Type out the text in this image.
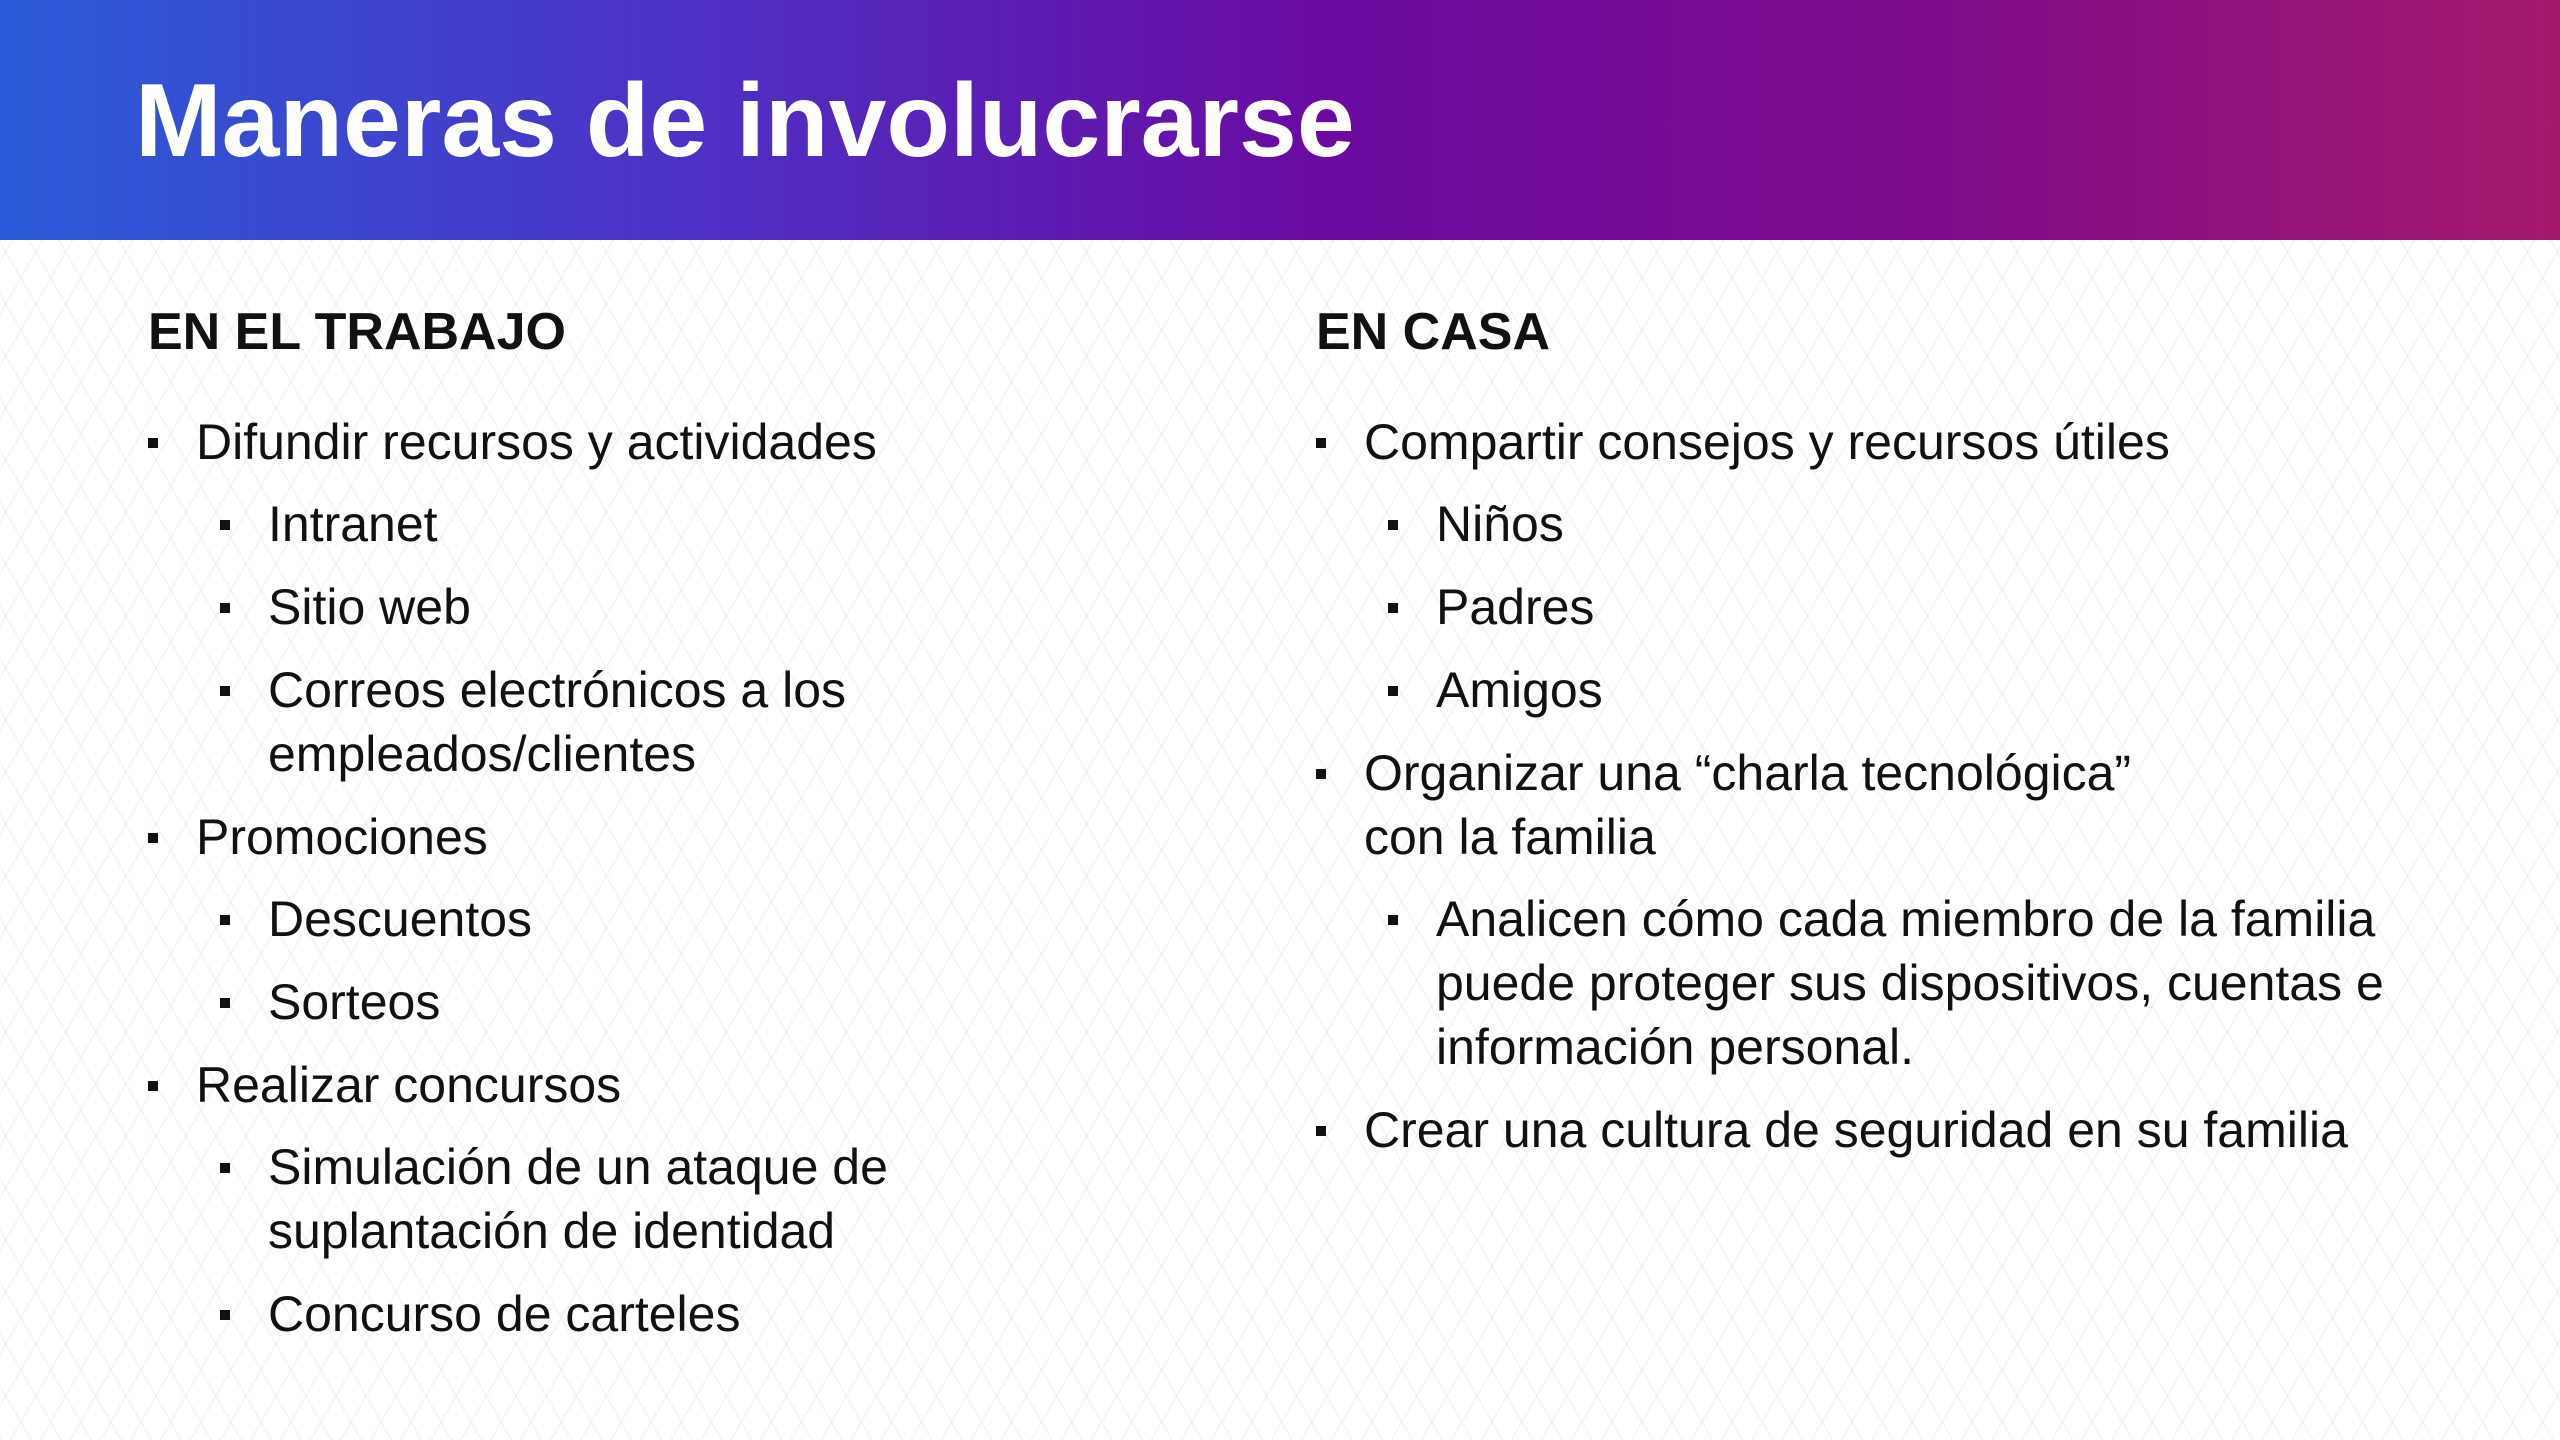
Maneras de involucrarse
EN EL TRABAJO
Difundir recursos y actividades
Intranet
Sitio web
Correos electrónicos a los empleados/clientes
Promociones
Descuentos
Sorteos
Realizar concursos
Simulación de un ataque de suplantación de identidad
Concurso de carteles
EN CASA
Compartir consejos y recursos útiles
Niños
Padres
Amigos
Organizar una “charla tecnológica” con la familia
Analicen cómo cada miembro de la familia puede proteger sus dispositivos, cuentas e información personal.
Crear una cultura de seguridad en su familia
